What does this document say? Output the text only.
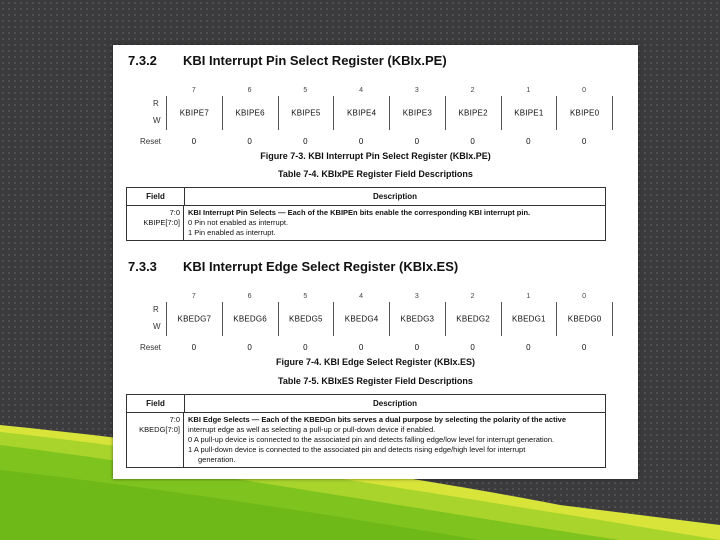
7.3.2 KBI Interrupt Pin Select Register (KBIx.PE)
7	6	5	4	3	2	1	0
R
W
KBIPE7	KBIPE6	KBIPE5	KBIPE4	KBIPE3	KBIPE2	KBIPE1	KBIPE0
Reset	0	0	0	0	0	0	0	0
Figure 7-3. KBI Interrupt Pin Select Register (KBIx.PE)
Table 7-4. KBIxPE Register Field Descriptions
Field	Description
7:0
KBIPE[7:0]
KBI Interrupt Pin Selects — Each of the KBIPEn bits enable the corresponding KBI interrupt pin.
0 Pin not enabled as interrupt.
1 Pin enabled as interrupt.
7.3.3 KBI Interrupt Edge Select Register (KBIx.ES)
7	6	5	4	3	2	1	0
R
W
KBEDG7	KBEDG6	KBEDG5	KBEDG4	KBEDG3	KBEDG2	KBEDG1	KBEDG0
Reset	0	0	0	0	0	0	0	0
Figure 7-4. KBI Edge Select Register (KBIx.ES)
Table 7-5. KBIxES Register Field Descriptions
Field	Description
7:0
KBEDG[7:0]
KBI Edge Selects — Each of the KBEDGn bits serves a dual purpose by selecting the polarity of the active
interrupt edge as well as selecting a pull-up or pull-down device if enabled.
0 A pull-up device is connected to the associated pin and detects falling edge/low level for interrupt generation.
1 A pull-down device is connected to the associated pin and detects rising edge/high level for interrupt
generation.
